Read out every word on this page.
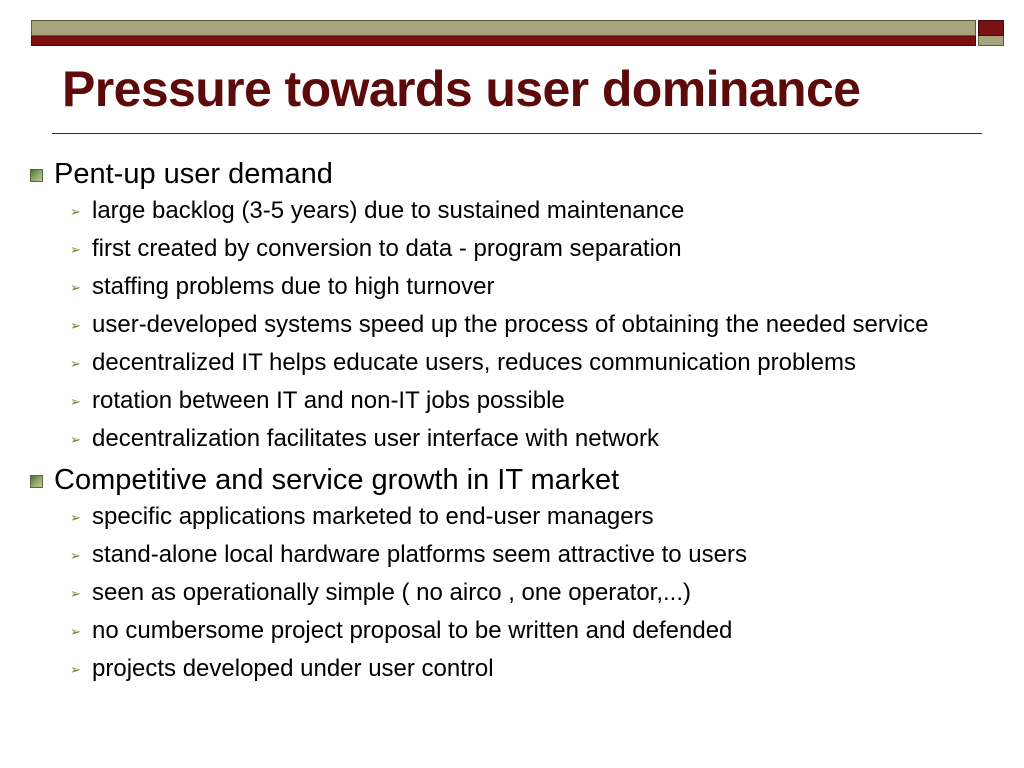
Pressure towards user dominance
Pent-up user demand
➢ large backlog (3-5 years) due to sustained maintenance
➢ first created by conversion to data - program separation
➢ staffing problems due to high turnover
➢ user-developed systems speed up the process of obtaining the needed service
➢ decentralized IT helps educate users, reduces communication problems
➢ rotation between IT and non-IT jobs possible
➢ decentralization facilitates user interface with network
Competitive and service growth in IT market
➢ specific applications marketed to end-user managers
➢ stand-alone local hardware platforms seem attractive to users
➢ seen as operationally simple ( no airco , one operator,...)
➢ no cumbersome project proposal to be written and defended
➢ projects developed under user control
